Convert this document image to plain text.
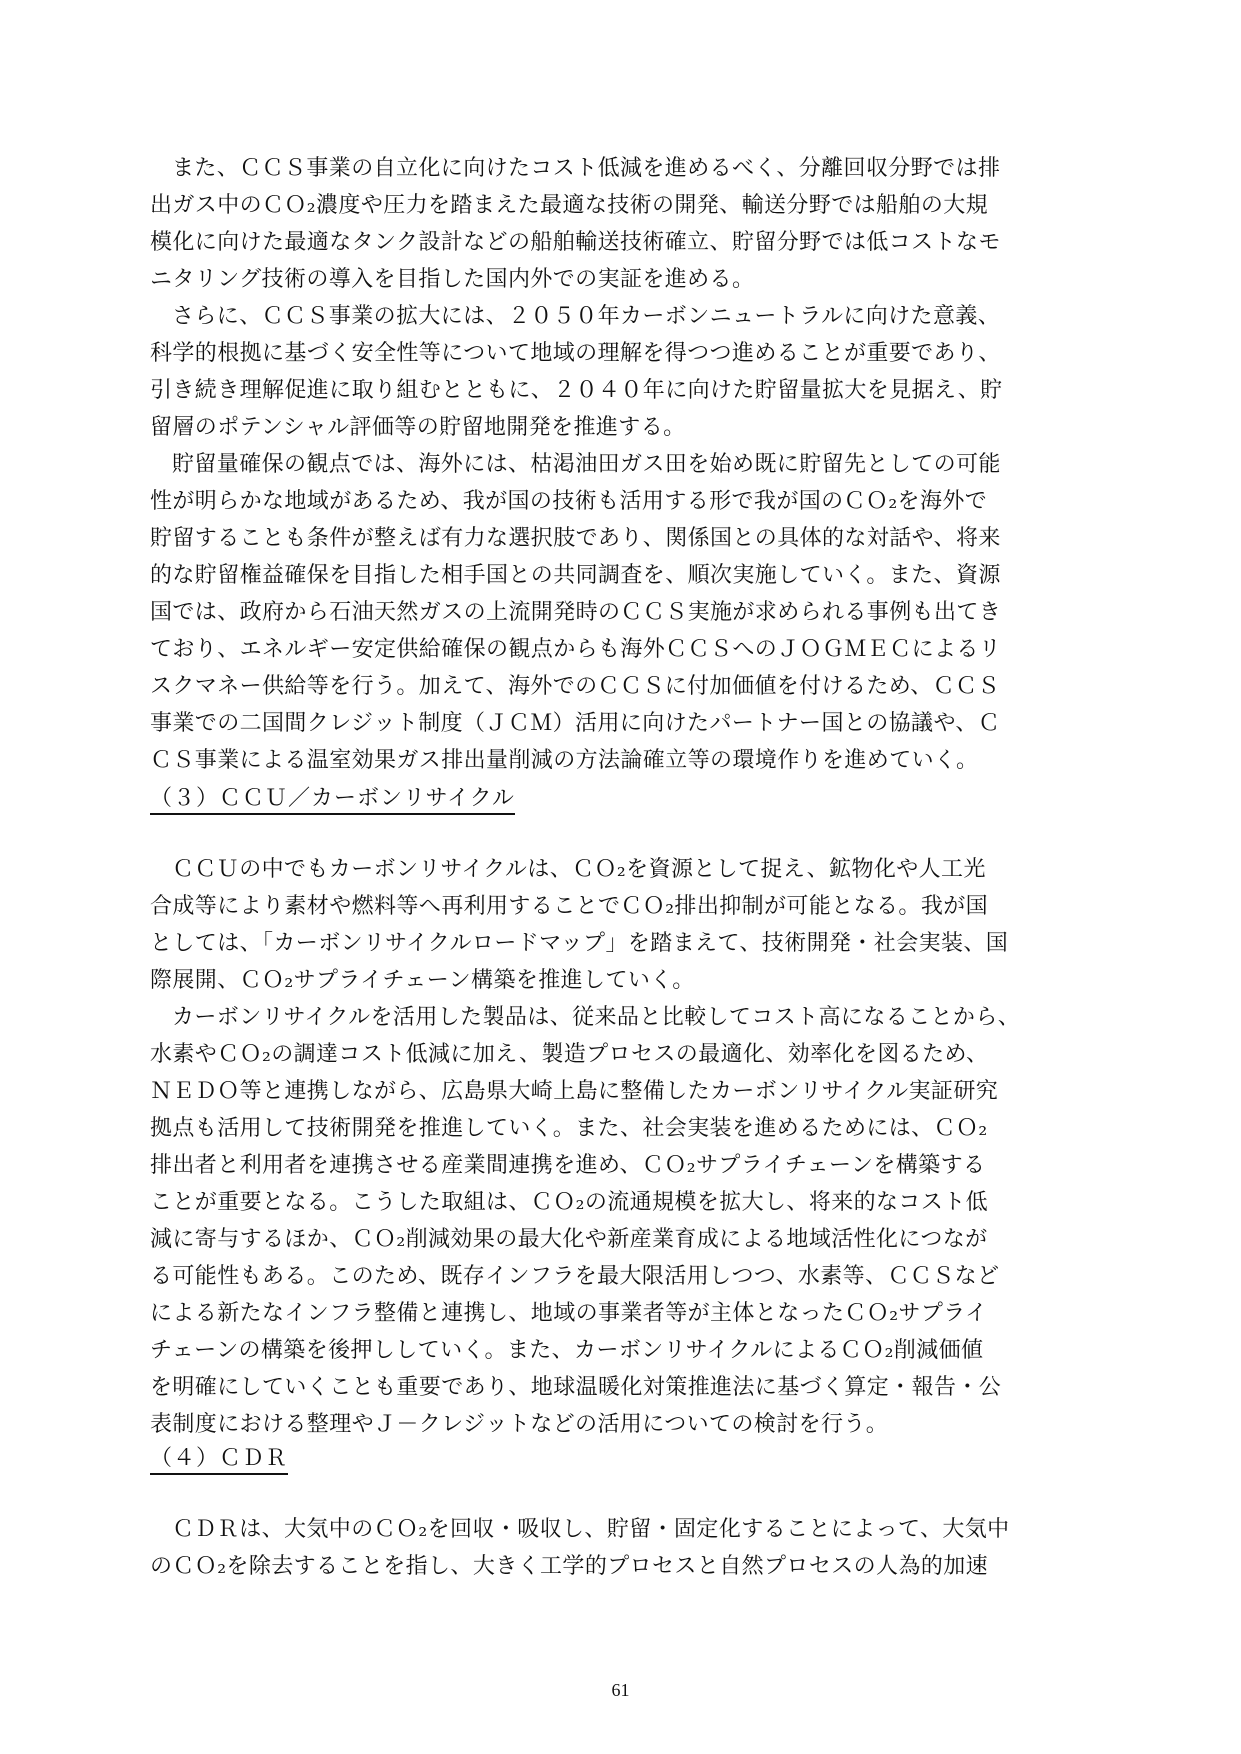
また、ＣＣＳ事業の自立化に向けたコスト低減を進めるべく、分離回収分野では排
出ガス中のＣＯ₂濃度や圧力を踏まえた最適な技術の開発、輸送分野では船舶の大規
模化に向けた最適なタンク設計などの船舶輸送技術確立、貯留分野では低コストなモ
ニタリング技術の導入を目指した国内外での実証を進める。
さらに、ＣＣＳ事業の拡大には、２０５０年カーボンニュートラルに向けた意義、
科学的根拠に基づく安全性等について地域の理解を得つつ進めることが重要であり、
引き続き理解促進に取り組むとともに、２０４０年に向けた貯留量拡大を見据え、貯
留層のポテンシャル評価等の貯留地開発を推進する。
貯留量確保の観点では、海外には、枯渇油田ガス田を始め既に貯留先としての可能
性が明らかな地域があるため、我が国の技術も活用する形で我が国のＣＯ₂を海外で
貯留することも条件が整えば有力な選択肢であり、関係国との具体的な対話や、将来
的な貯留権益確保を目指した相手国との共同調査を、順次実施していく。また、資源
国では、政府から石油天然ガスの上流開発時のＣＣＳ実施が求められる事例も出てき
ており、エネルギー安定供給確保の観点からも海外ＣＣＳへのＪＯＧＭＥＣによるリ
スクマネー供給等を行う。加えて、海外でのＣＣＳに付加価値を付けるため、ＣＣＳ
事業での二国間クレジット制度（ＪＣＭ）活用に向けたパートナー国との協議や、Ｃ
ＣＳ事業による温室効果ガス排出量削減の方法論確立等の環境作りを進めていく。
（３）ＣＣＵ／カーボンリサイクル
ＣＣＵの中でもカーボンリサイクルは、ＣＯ₂を資源として捉え、鉱物化や人工光
合成等により素材や燃料等へ再利用することでＣＯ₂排出抑制が可能となる。我が国
としては、「カーボンリサイクルロードマップ」を踏まえて、技術開発・社会実装、国
際展開、ＣＯ₂サプライチェーン構築を推進していく。
カーボンリサイクルを活用した製品は、従来品と比較してコスト高になることから、
水素やＣＯ₂の調達コスト低減に加え、製造プロセスの最適化、効率化を図るため、
ＮＥＤＯ等と連携しながら、広島県大崎上島に整備したカーボンリサイクル実証研究
拠点も活用して技術開発を推進していく。また、社会実装を進めるためには、ＣＯ₂
排出者と利用者を連携させる産業間連携を進め、ＣＯ₂サプライチェーンを構築する
ことが重要となる。こうした取組は、ＣＯ₂の流通規模を拡大し、将来的なコスト低
減に寄与するほか、ＣＯ₂削減効果の最大化や新産業育成による地域活性化につなが
る可能性もある。このため、既存インフラを最大限活用しつつ、水素等、ＣＣＳなど
による新たなインフラ整備と連携し、地域の事業者等が主体となったＣＯ₂サプライ
チェーンの構築を後押ししていく。また、カーボンリサイクルによるＣＯ₂削減価値
を明確にしていくことも重要であり、地球温暖化対策推進法に基づく算定・報告・公
表制度における整理やＪ－クレジットなどの活用についての検討を行う。
（４）ＣＤＲ
ＣＤＲは、大気中のＣＯ₂を回収・吸収し、貯留・固定化することによって、大気中
のＣＯ₂を除去することを指し、大きく工学的プロセスと自然プロセスの人為的加速
61
